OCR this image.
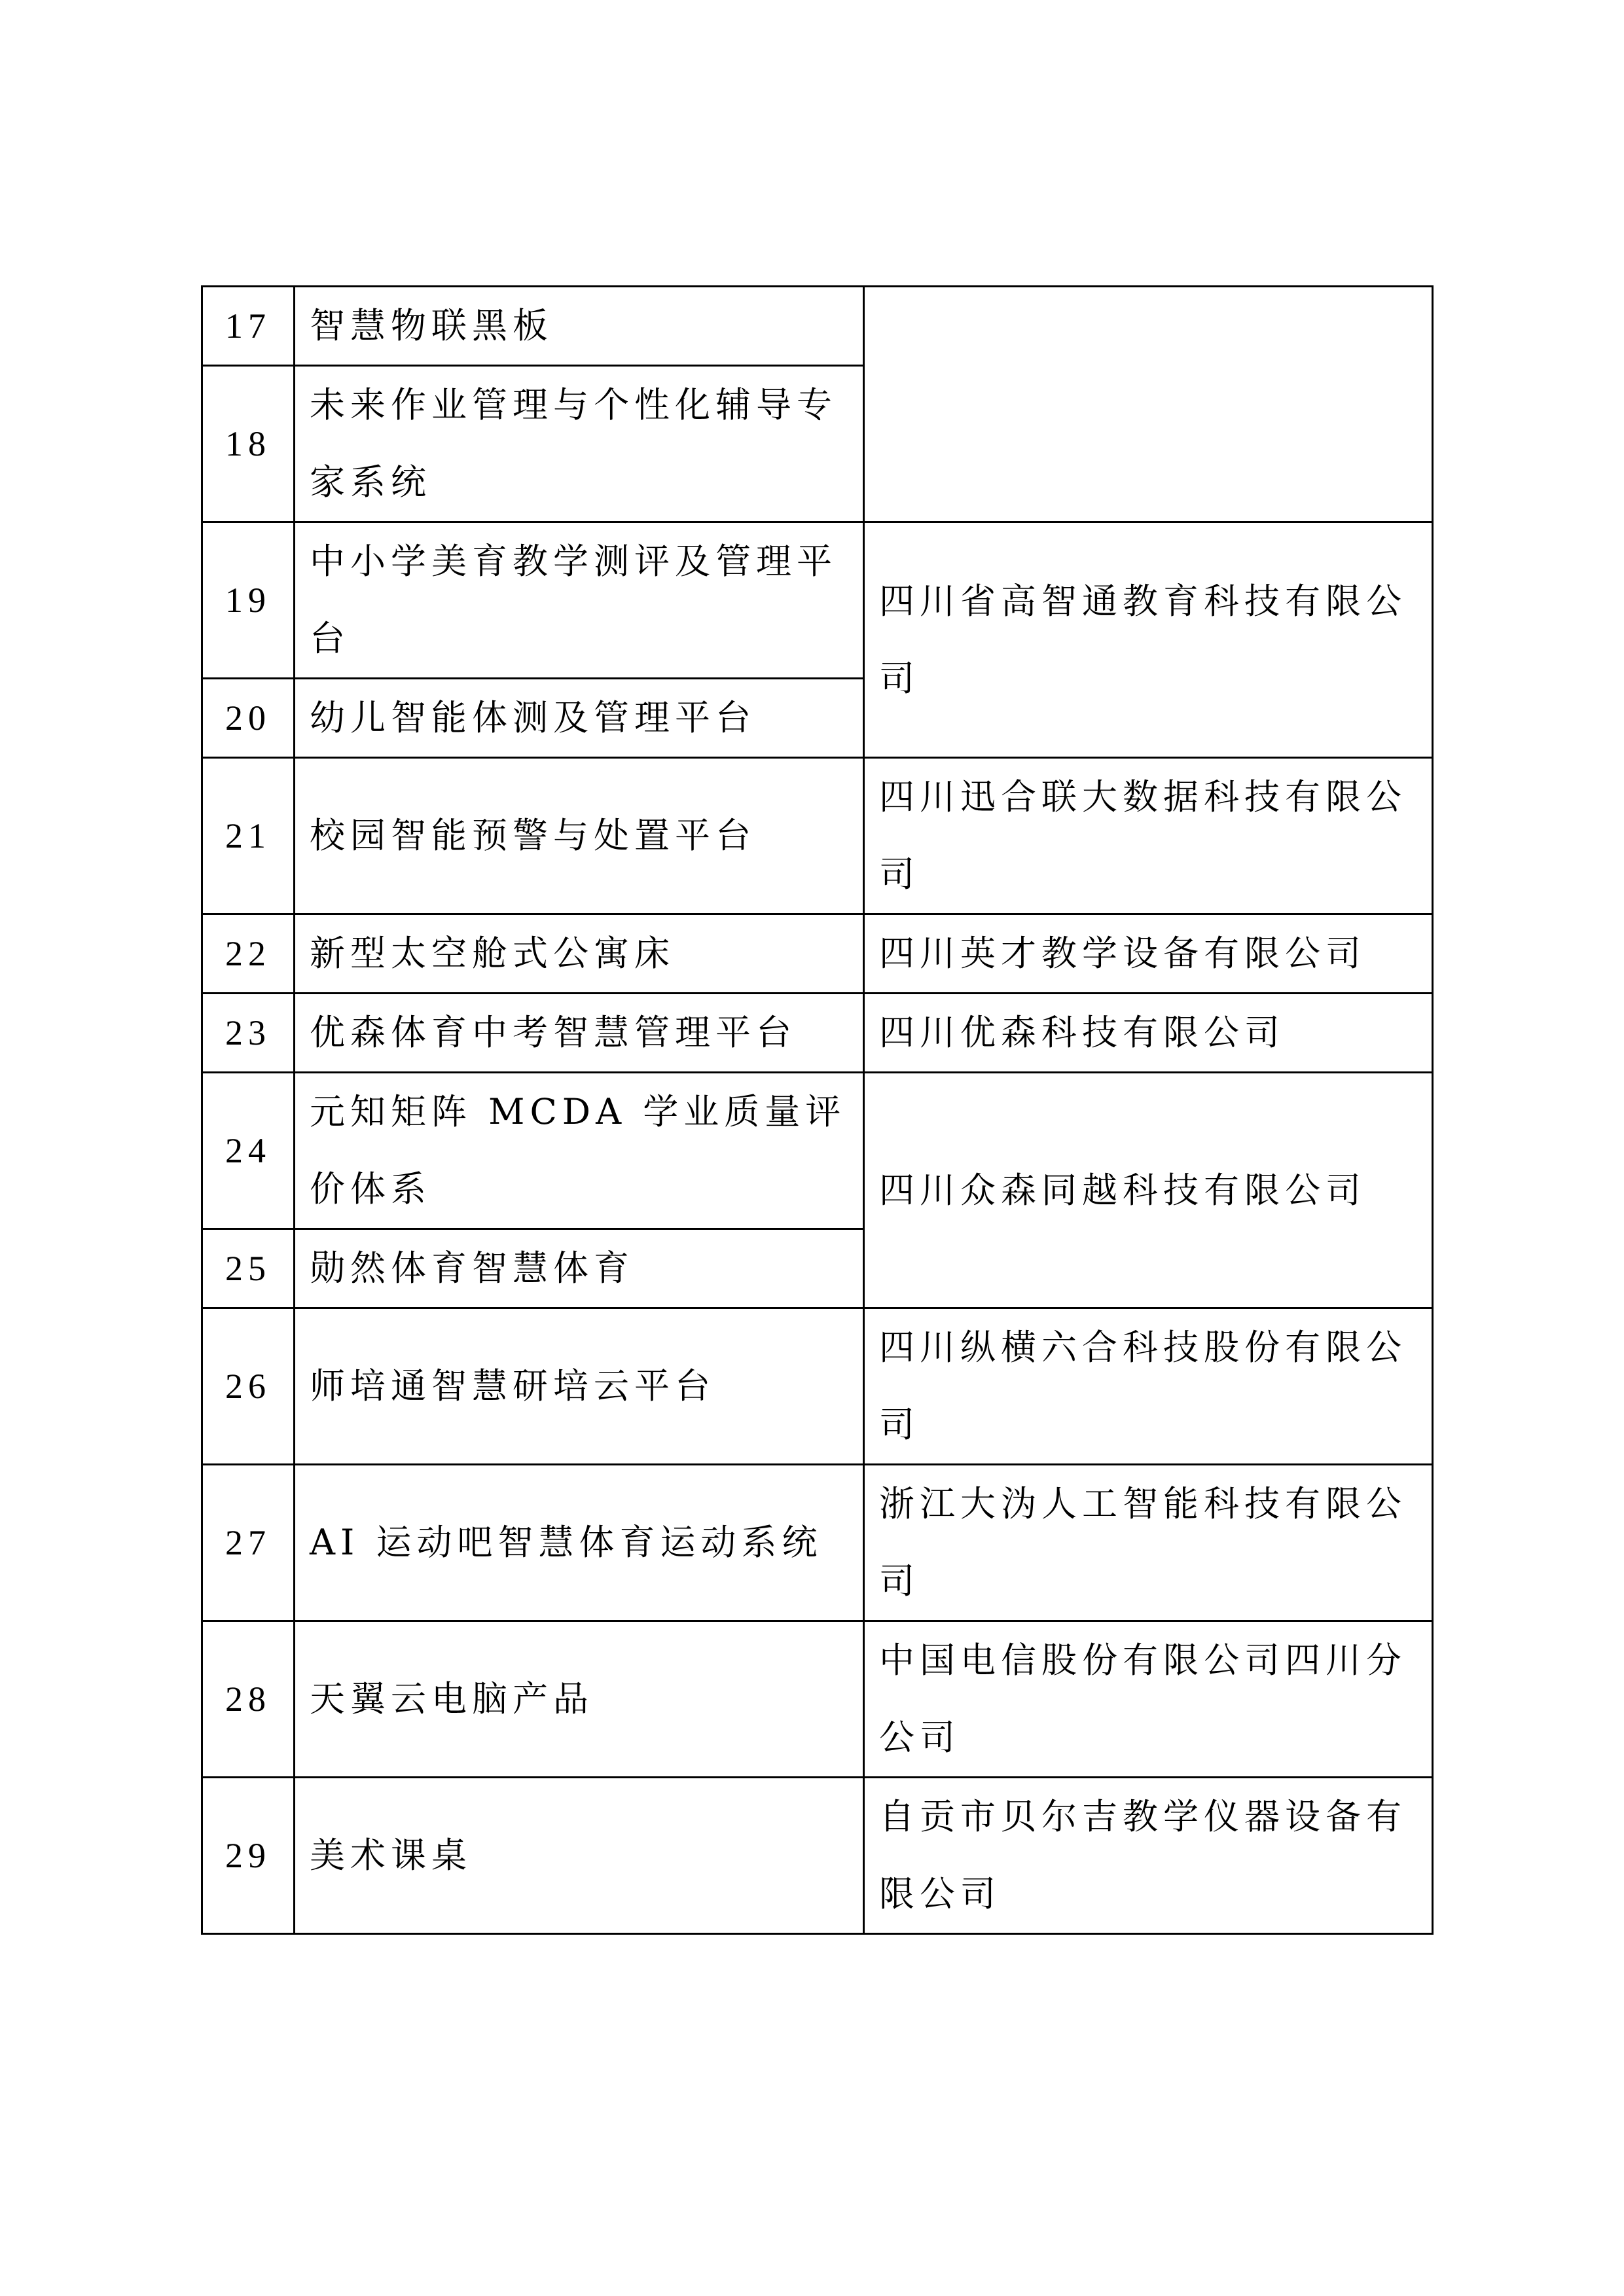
17	智慧物联黑板	
18	未来作业管理与个性化辅导专家系统	
19	中小学美育教学测评及管理平台	四川省高智通教育科技有限公司
20	幼儿智能体测及管理平台	
21	校园智能预警与处置平台	四川迅合联大数据科技有限公司
22	新型太空舱式公寓床	四川英才教学设备有限公司
23	优森体育中考智慧管理平台	四川优森科技有限公司
24	元知矩阵 MCDA 学业质量评价体系	四川众森同越科技有限公司
25	勋然体育智慧体育	
26	师培通智慧研培云平台	四川纵横六合科技股份有限公司
27	AI 运动吧智慧体育运动系统	浙江大沩人工智能科技有限公司
28	天翼云电脑产品	中国电信股份有限公司四川分公司
29	美术课桌	自贡市贝尔吉教学仪器设备有限公司
